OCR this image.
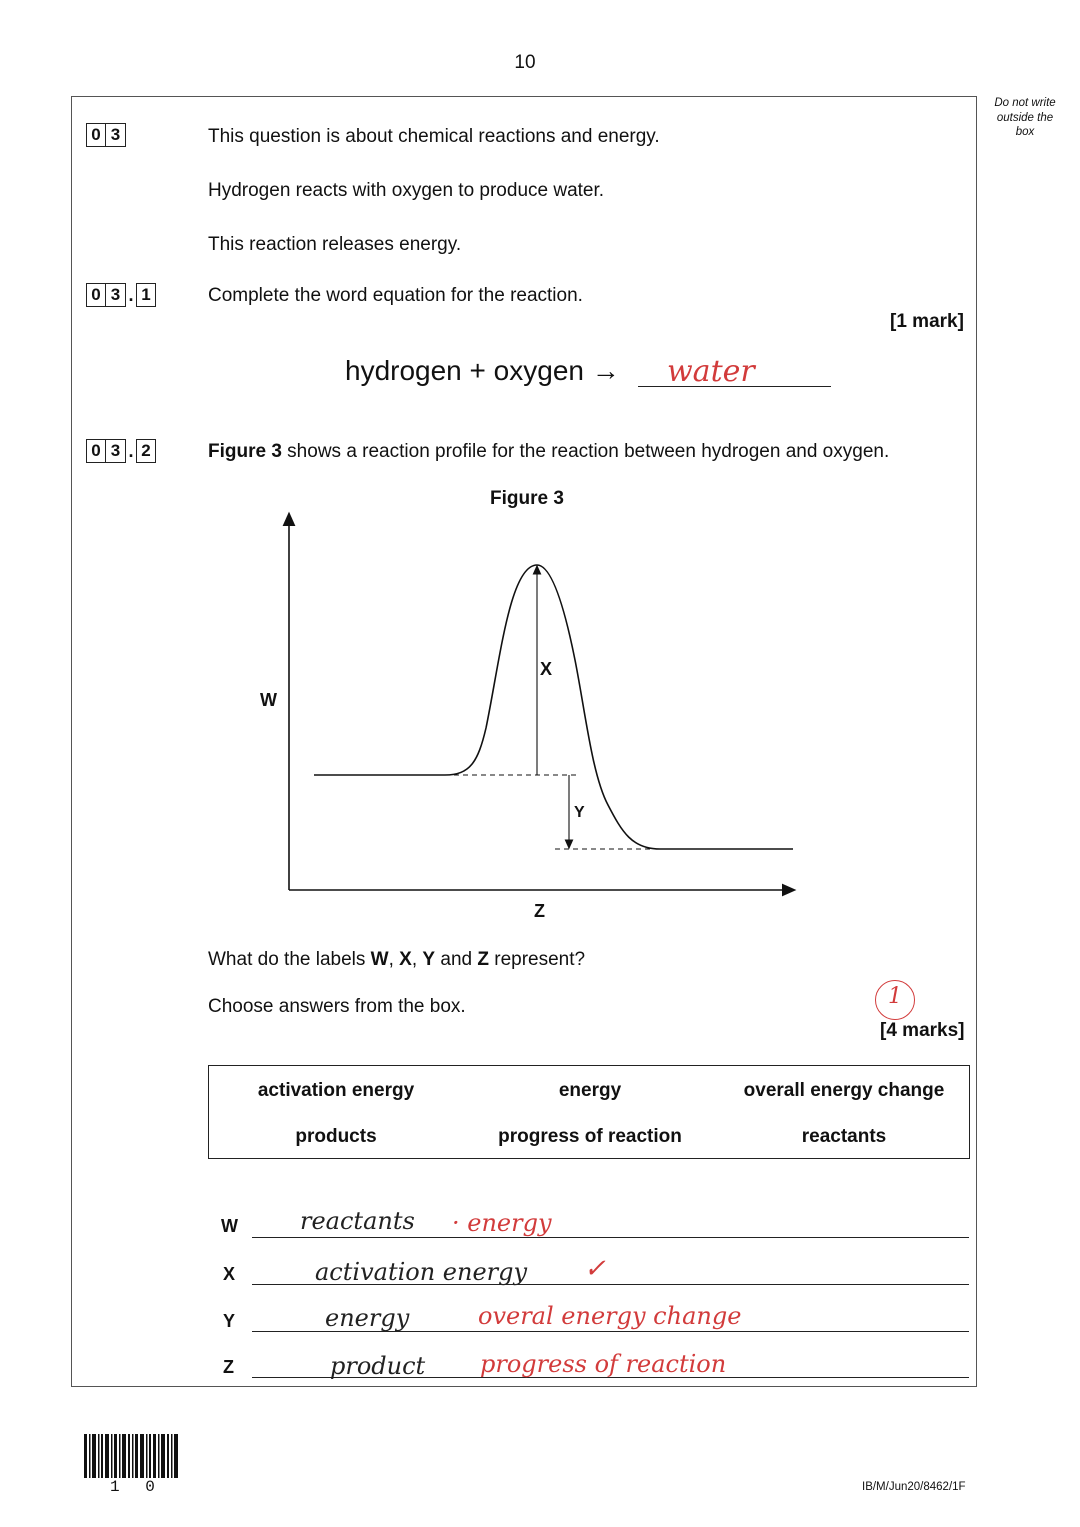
10
Do not write
outside the
box
0 3	This question is about chemical reactions and energy.
Hydrogen reacts with oxygen to produce water.
This reaction releases energy.
0 3 . 1	Complete the word equation for the reaction.
[1 mark]
hydrogen + oxygen → water
0 3 . 2	Figure 3 shows a reaction profile for the reaction between hydrogen and oxygen.
Figure 3
W
X
Y
Z
What do the labels W, X, Y and Z represent?
Choose answers from the box.	1
[4 marks]
activation energy	energy	overall energy change
products	progress of reaction	reactants
W	reactants · energy
X	activation energy ✓
Y	energy	overal energy change
Z	product progress of reaction
1 0	IB/M/Jun20/8462/1F
